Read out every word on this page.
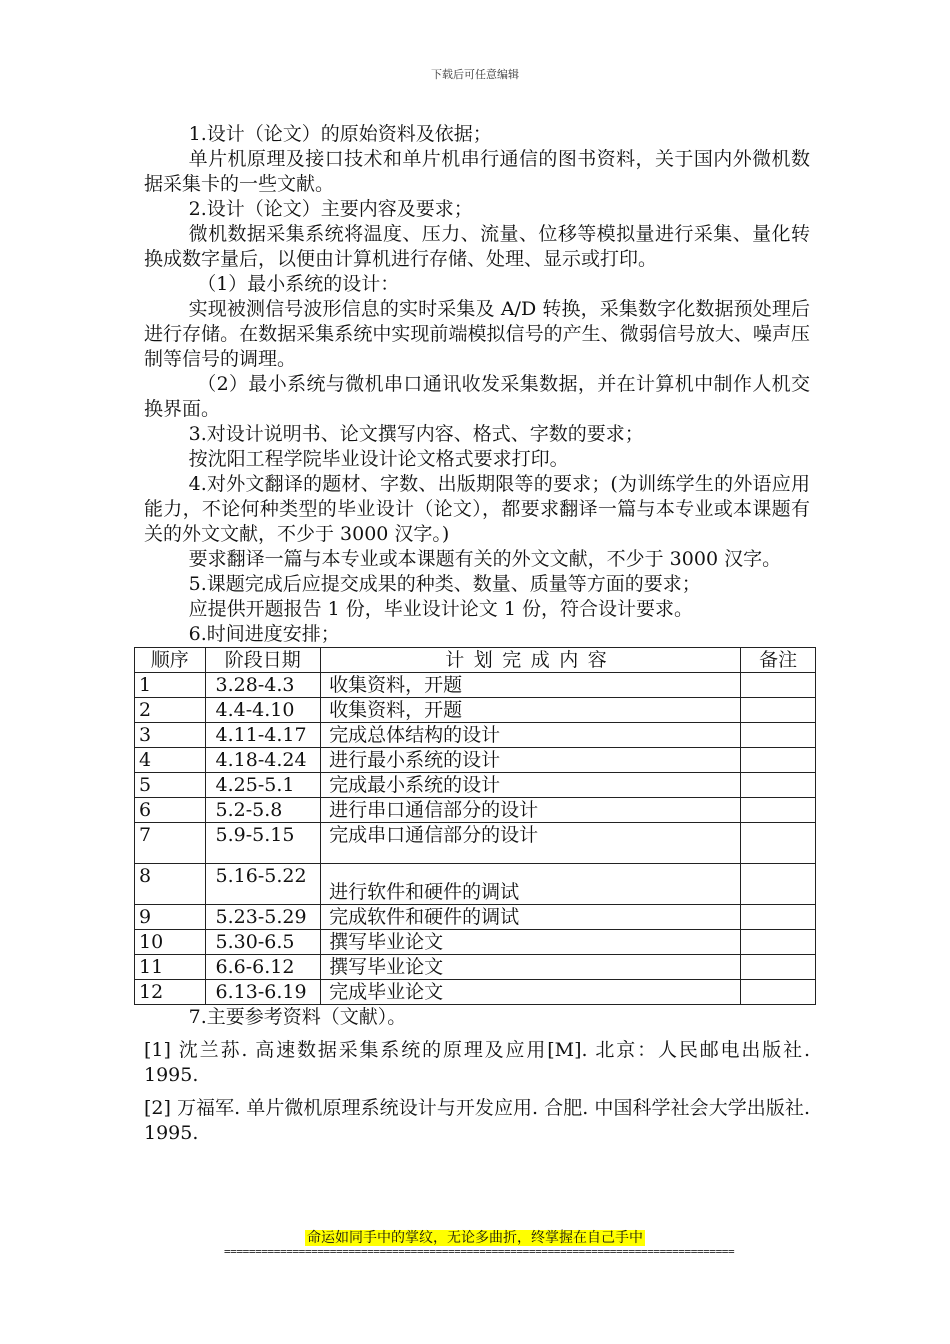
下载后可任意编辑

1.设计（论文）的原始资料及依据；

单片机原理及接口技术和单片机串行通信的图书资料，关于国内外微机数据采集卡的一些文献。

2.设计（论文）主要内容及要求；

微机数据采集系统将温度、压力、流量、位移等模拟量进行采集、量化转换成数字量后，以便由计算机进行存储、处理、显示或打印。

（1）最小系统的设计：

实现被测信号波形信息的实时采集及 A/D 转换，采集数字化数据预处理后进行存储。在数据采集系统中实现前端模拟信号的产生、微弱信号放大、噪声压制等信号的调理。

（2）最小系统与微机串口通讯收发采集数据，并在计算机中制作人机交换界面。

3.对设计说明书、论文撰写内容、格式、字数的要求；

按沈阳工程学院毕业设计论文格式要求打印。

4.对外文翻译的题材、字数、出版期限等的要求；(为训练学生的外语应用能力，不论何种类型的毕业设计（论文），都要求翻译一篇与本专业或本课题有关的外文文献，不少于 3000 汉字。)

要求翻译一篇与本专业或本课题有关的外文文献，不少于 3000 汉字。

5.课题完成后应提交成果的种类、数量、质量等方面的要求；

应提供开题报告 1 份，毕业设计论文 1 份，符合设计要求。

6.时间进度安排；

顺序	阶段日期	计划完成内容	备注
1	3.28-4.3	收集资料，开题	
2	4.4-4.10	收集资料，开题	
3	4.11-4.17	完成总体结构的设计	
4	4.18-4.24	进行最小系统的设计	
5	4.25-5.1	完成最小系统的设计	
6	5.2-5.8	进行串口通信部分的设计	
7	5.9-5.15	完成串口通信部分的设计	
8	5.16-5.22	进行软件和硬件的调试	
9	5.23-5.29	完成软件和硬件的调试	
10	5.30-6.5	撰写毕业论文	
11	6.6-6.12	撰写毕业论文	
12	6.13-6.19	完成毕业论文	

7.主要参考资料（文献）。

[1] 沈兰荪. 高速数据采集系统的原理及应用[M]. 北京：人民邮电出版社. 1995.

[2] 万福军. 单片微机原理系统设计与开发应用. 合肥. 中国科学社会大学出版社. 1995.

命运如同手中的掌纹，无论多曲折，终掌握在自己手中
==================================================================================
